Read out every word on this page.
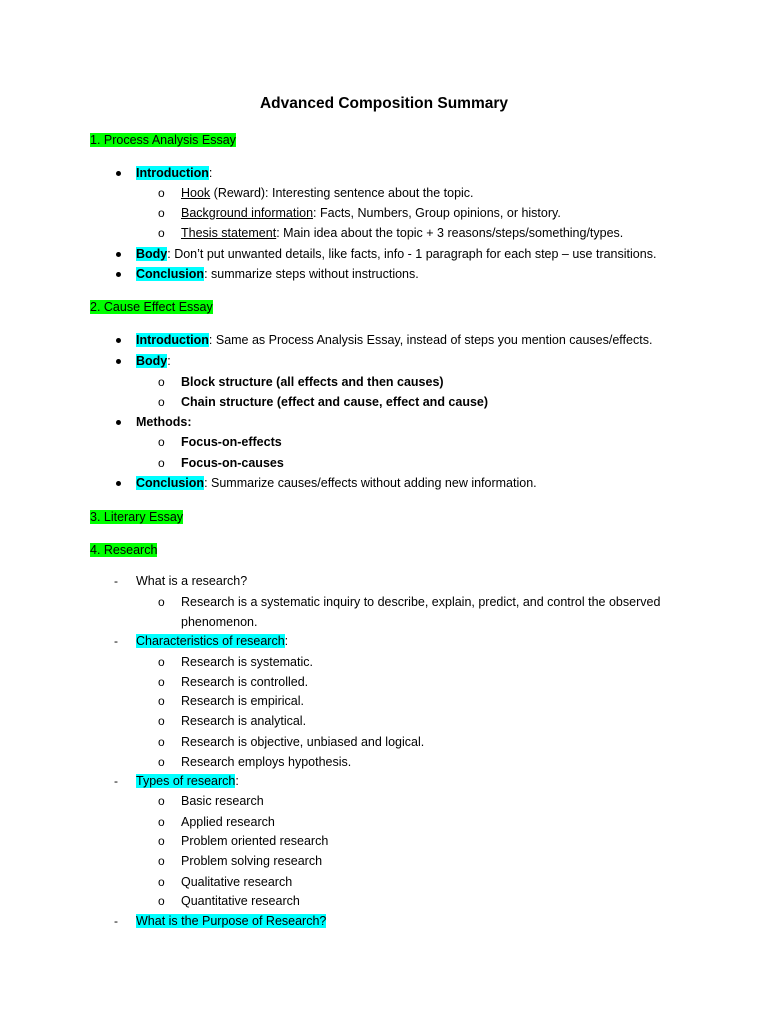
Advanced Composition Summary
1. Process Analysis Essay
Introduction:
o Hook (Reward): Interesting sentence about the topic.
o Background information: Facts, Numbers, Group opinions, or history.
o Thesis statement: Main idea about the topic + 3 reasons/steps/something/types.
Body: Don’t put unwanted details, like facts, info - 1 paragraph for each step – use transitions.
Conclusion: summarize steps without instructions.
2. Cause Effect Essay
Introduction: Same as Process Analysis Essay, instead of steps you mention causes/effects.
Body:
o Block structure (all effects and then causes)
o Chain structure (effect and cause, effect and cause)
Methods:
o Focus-on-effects
o Focus-on-causes
Conclusion: Summarize causes/effects without adding new information.
3. Literary Essay
4. Research
- What is a research?
o Research is a systematic inquiry to describe, explain, predict, and control the observed
phenomenon.
- Characteristics of research:
o Research is systematic.
o Research is controlled.
o Research is empirical.
o Research is analytical.
o Research is objective, unbiased and logical.
o Research employs hypothesis.
- Types of research:
o Basic research
o Applied research
o Problem oriented research
o Problem solving research
o Qualitative research
o Quantitative research
- What is the Purpose of Research?
